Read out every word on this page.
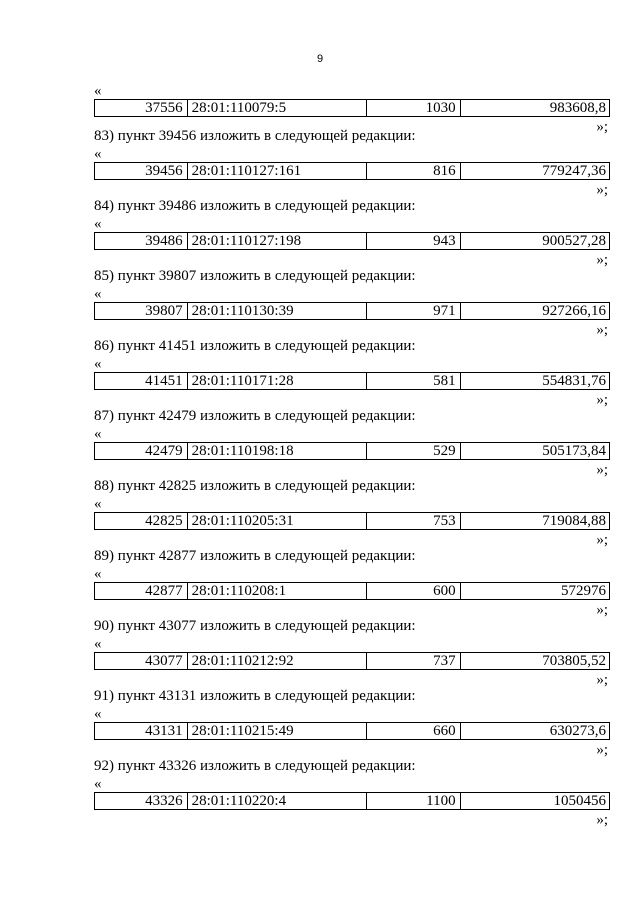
9
«
37556 28:01:110079:5	1030	983608,8
»;
83) пункт 39456 изложить в следующей редакции:
«
39456 28:01:110127:161	816	779247,36
»;
84) пункт 39486 изложить в следующей редакции:
«
39486 28:01:110127:198	943	900527,28
»;
85) пункт 39807 изложить в следующей редакции:
«
39807 28:01:110130:39	971	927266,16
»;
86) пункт 41451 изложить в следующей редакции:
«
41451 28:01:110171:28	581	554831,76
»;
87) пункт 42479 изложить в следующей редакции:
«
42479 28:01:110198:18	529	505173,84
»;
88) пункт 42825 изложить в следующей редакции:
«
42825 28:01:110205:31	753	719084,88
»;
89) пункт 42877 изложить в следующей редакции:
«
42877 28:01:110208:1	600	572976
»;
90) пункт 43077 изложить в следующей редакции:
«
43077 28:01:110212:92	737	703805,52
»;
91) пункт 43131 изложить в следующей редакции:
«
43131 28:01:110215:49	660	630273,6
»;
92) пункт 43326 изложить в следующей редакции:
«
43326 28:01:110220:4	1100	1050456
»;
